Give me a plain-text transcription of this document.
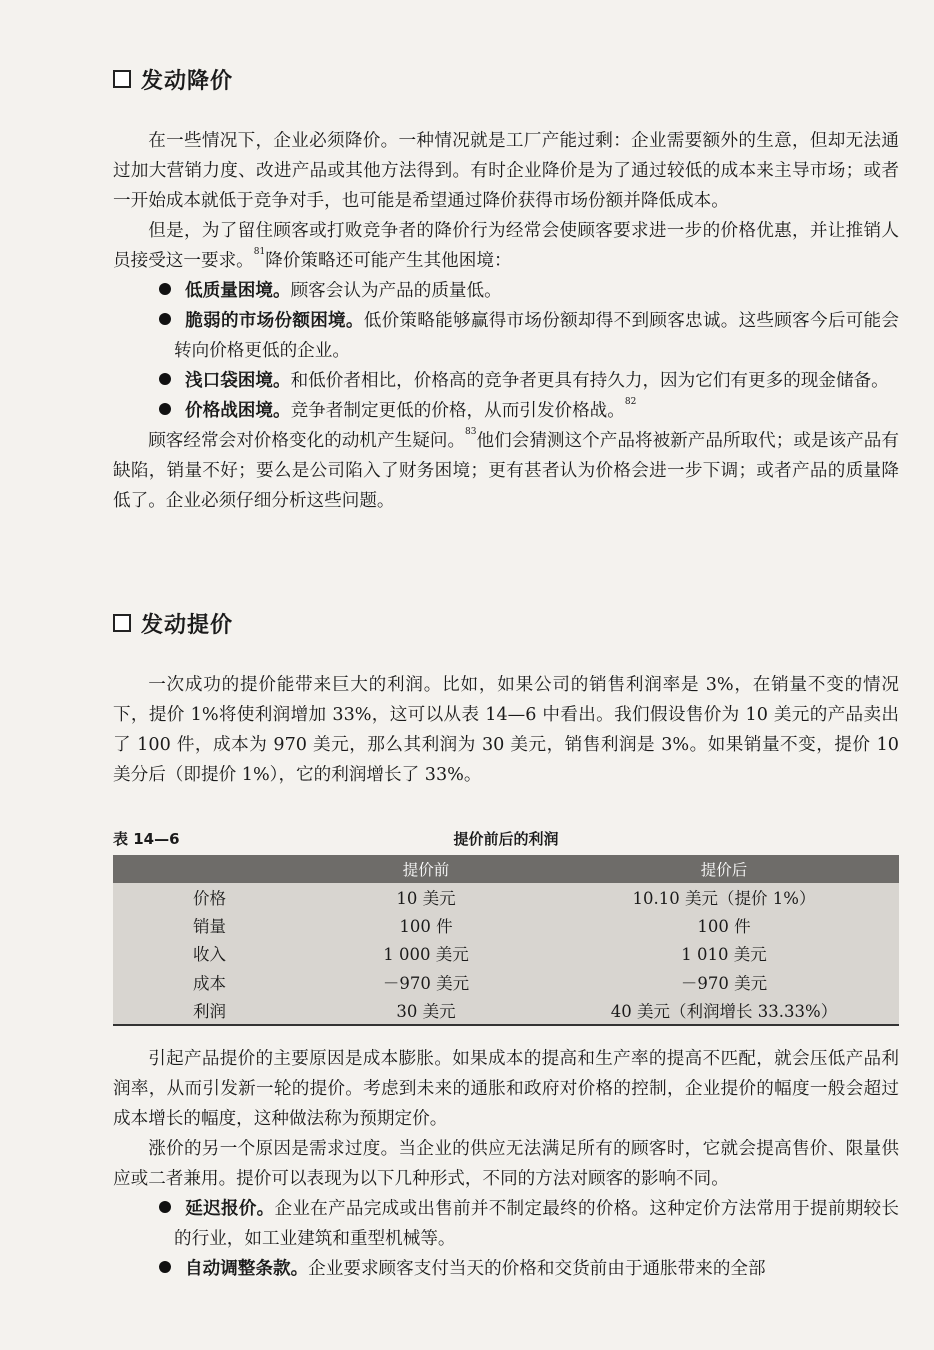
发动降价

在一些情况下，企业必须降价。一种情况就是工厂产能过剩：企业需要额外的生意，但却无法通过加大营销力度、改进产品或其他方法得到。有时企业降价是为了通过较低的成本来主导市场；或者一开始成本就低于竞争对手，也可能是希望通过降价获得市场份额并降低成本。

但是，为了留住顾客或打败竞争者的降价行为经常会使顾客要求进一步的价格优惠，并让推销人员接受这一要求。$^{81}$降价策略还可能产生其他困境：

低质量困境。顾客会认为产品的质量低。

脆弱的市场份额困境。低价策略能够赢得市场份额却得不到顾客忠诚。这些顾客今后可能会转向价格更低的企业。

浅口袋困境。和低价者相比，价格高的竞争者更具有持久力，因为它们有更多的现金储备。

价格战困境。竞争者制定更低的价格，从而引发价格战。$^{82}$

顾客经常会对价格变化的动机产生疑问。$^{83}$他们会猜测这个产品将被新产品所取代；或是该产品有缺陷，销量不好；要么是公司陷入了财务困境；更有甚者认为价格会进一步下调；或者产品的质量降低了。企业必须仔细分析这些问题。

发动提价

一次成功的提价能带来巨大的利润。比如，如果公司的销售利润率是 3%，在销量不变的情况下，提价 1%将使利润增加 33%，这可以从表 14—6 中看出。我们假设售价为 10 美元的产品卖出了 100 件，成本为 970 美元，那么其利润为 30 美元，销售利润是 3%。如果销量不变，提价 10 美分后（即提价 1%），它的利润增长了 33%。

表 14—6	提价前后的利润
		提价前	提价后
	价格	10 美元	10.10 美元（提价 1%）
	销量	100 件	100 件
	收入	1 000 美元	1 010 美元
	成本	－970 美元	－970 美元
	利润	30 美元	40 美元（利润增长 33.33%）

引起产品提价的主要原因是成本膨胀。如果成本的提高和生产率的提高不匹配，就会压低产品利润率，从而引发新一轮的提价。考虑到未来的通胀和政府对价格的控制，企业提价的幅度一般会超过成本增长的幅度，这种做法称为预期定价。

涨价的另一个原因是需求过度。当企业的供应无法满足所有的顾客时，它就会提高售价、限量供应或二者兼用。提价可以表现为以下几种形式，不同的方法对顾客的影响不同。

延迟报价。企业在产品完成或出售前并不制定最终的价格。这种定价方法常用于提前期较长的行业，如工业建筑和重型机械等。

自动调整条款。企业要求顾客支付当天的价格和交货前由于通胀带来的全部
